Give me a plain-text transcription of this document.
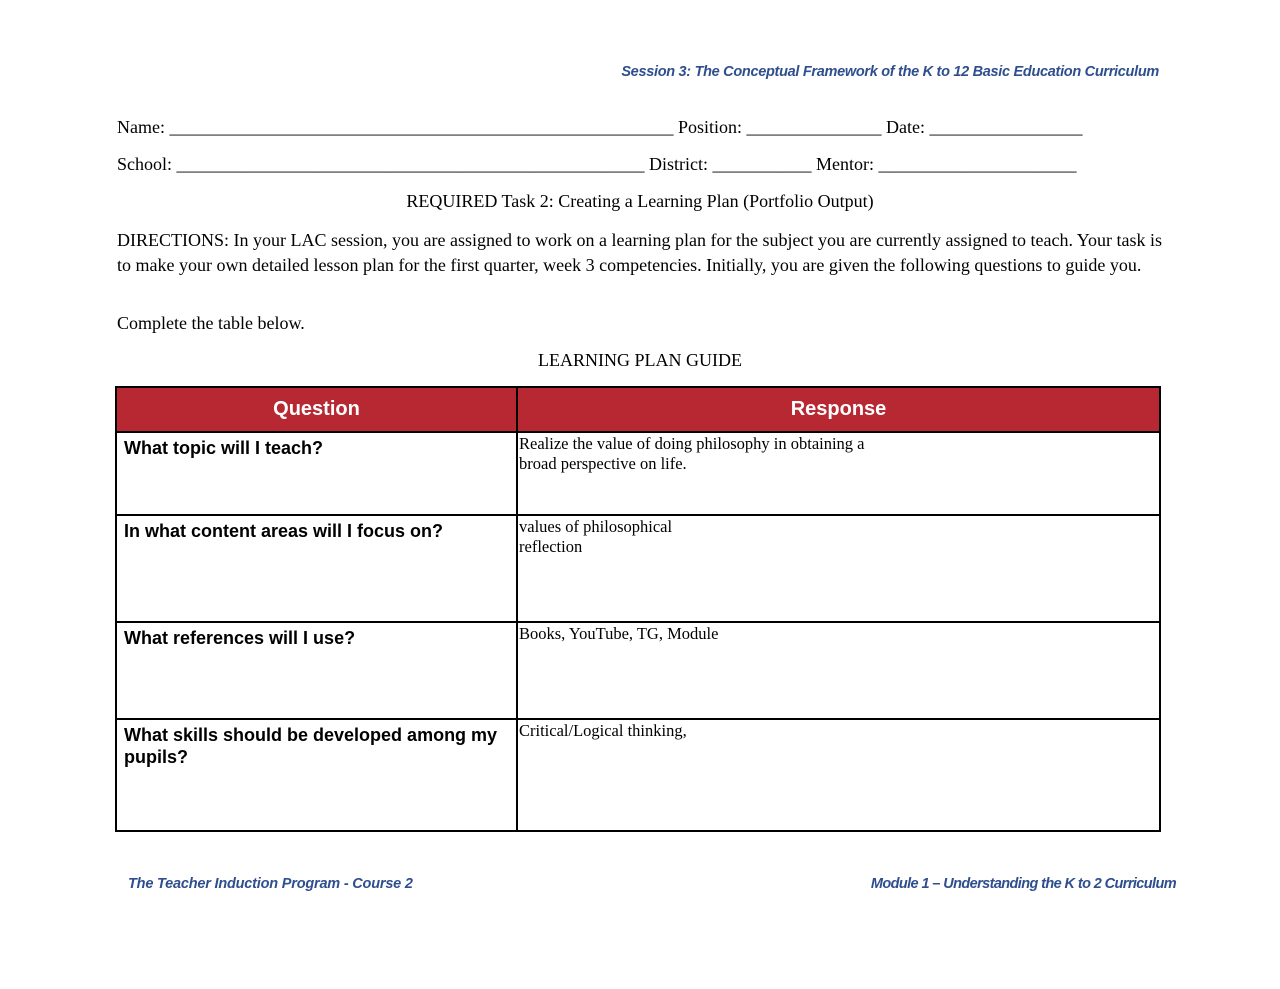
Session 3: The Conceptual Framework of the K to 12 Basic Education Curriculum
Name: ________________________________________________________ Position: _______________ Date: _________________
School: ____________________________________________________ District: ___________ Mentor: ______________________
REQUIRED Task 2: Creating a Learning Plan (Portfolio Output)
DIRECTIONS: In your LAC session, you are assigned to work on a learning plan for the subject you are currently assigned to teach. Your task is to make your own detailed lesson plan for the first quarter, week 3 competencies. Initially, you are given the following questions to guide you.
Complete the table below.
LEARNING PLAN GUIDE
Question	Response
What topic will I teach?	Realize the value of doing philosophy in obtaining a broad perspective on life.

In what content areas will I focus on?	values of philosophical reflection

What references will I use?	Books, YouTube, TG, Module

What skills should be developed among my pupils?	Critical/Logical thinking,
The Teacher Induction Program - Course 2	Module 1 – Understanding the K to 2 Curriculum
